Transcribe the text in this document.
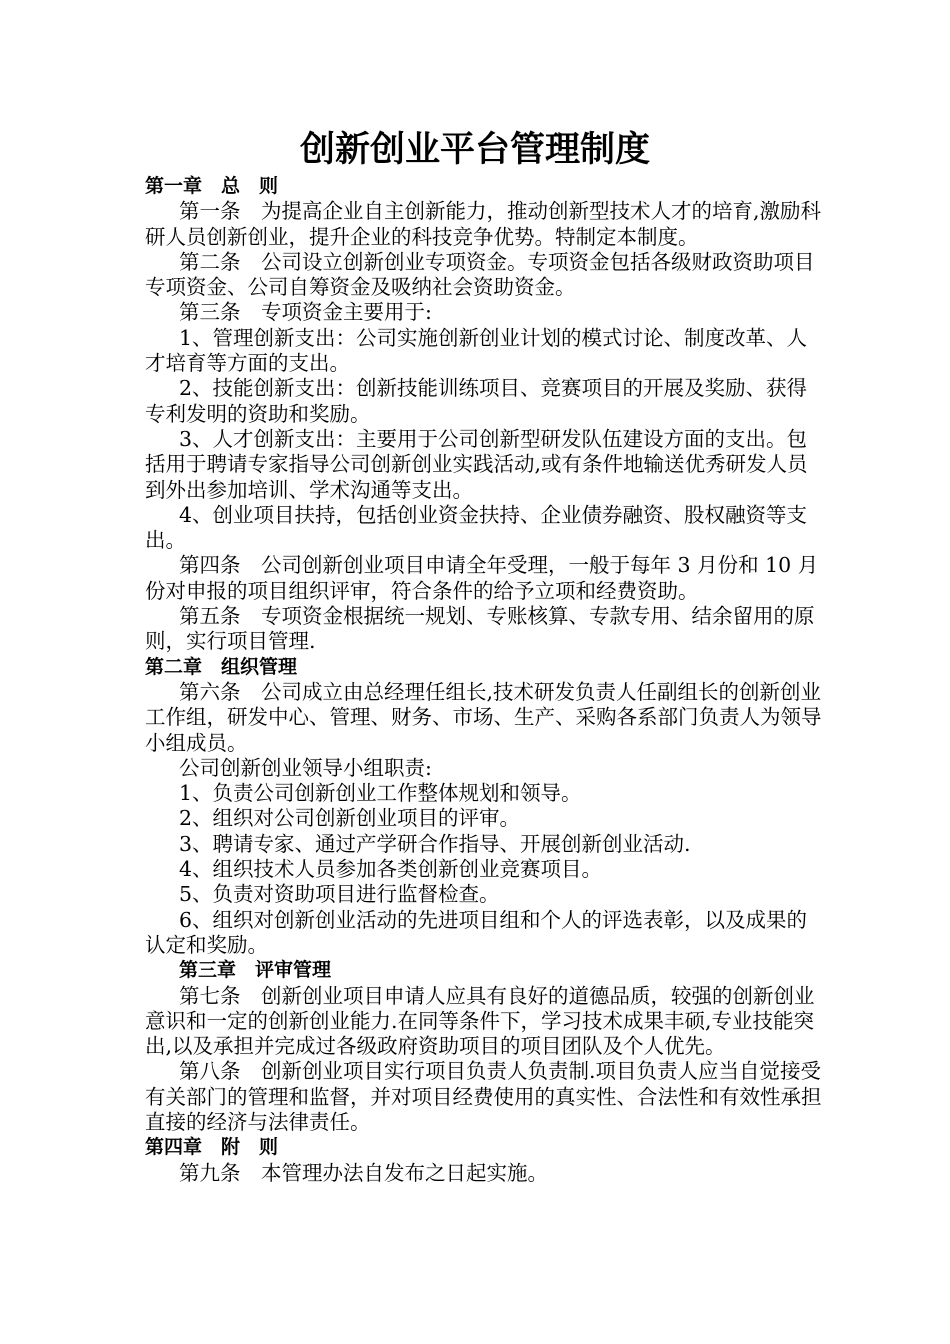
创新创业平台管理制度

第一章　总　则

第一条　为提高企业自主创新能力，推动创新型技术人才的培育,激励科研人员创新创业，提升企业的科技竞争优势。特制定本制度。

第二条　公司设立创新创业专项资金。专项资金包括各级财政资助项目专项资金、公司自筹资金及吸纳社会资助资金。

第三条　专项资金主要用于:

1、管理创新支出：公司实施创新创业计划的模式讨论、制度改革、人才培育等方面的支出。

2、技能创新支出：创新技能训练项目、竞赛项目的开展及奖励、获得专利发明的资助和奖励。

3、人才创新支出：主要用于公司创新型研发队伍建设方面的支出。包括用于聘请专家指导公司创新创业实践活动,或有条件地输送优秀研发人员到外出参加培训、学术沟通等支出。

4、创业项目扶持，包括创业资金扶持、企业债券融资、股权融资等支出。

第四条　公司创新创业项目申请全年受理，一般于每年 3 月份和 10 月份对申报的项目组织评审，符合条件的给予立项和经费资助。

第五条　专项资金根据统一规划、专账核算、专款专用、结余留用的原则，实行项目管理.

第二章　组织管理

第六条　公司成立由总经理任组长,技术研发负责人任副组长的创新创业工作组，研发中心、管理、财务、市场、生产、采购各系部门负责人为领导小组成员。

公司创新创业领导小组职责:

1、负责公司创新创业工作整体规划和领导。

2、组织对公司创新创业项目的评审。

3、聘请专家、通过产学研合作指导、开展创新创业活动.

4、组织技术人员参加各类创新创业竞赛项目。

5、负责对资助项目进行监督检查。

6、组织对创新创业活动的先进项目组和个人的评选表彰，以及成果的认定和奖励。

第三章　评审管理

第七条　创新创业项目申请人应具有良好的道德品质，较强的创新创业意识和一定的创新创业能力.在同等条件下，学习技术成果丰硕,专业技能突出,以及承担并完成过各级政府资助项目的项目团队及个人优先。

第八条　创新创业项目实行项目负责人负责制.项目负责人应当自觉接受有关部门的管理和监督，并对项目经费使用的真实性、合法性和有效性承担直接的经济与法律责任。

第四章　附　则

第九条　本管理办法自发布之日起实施。
